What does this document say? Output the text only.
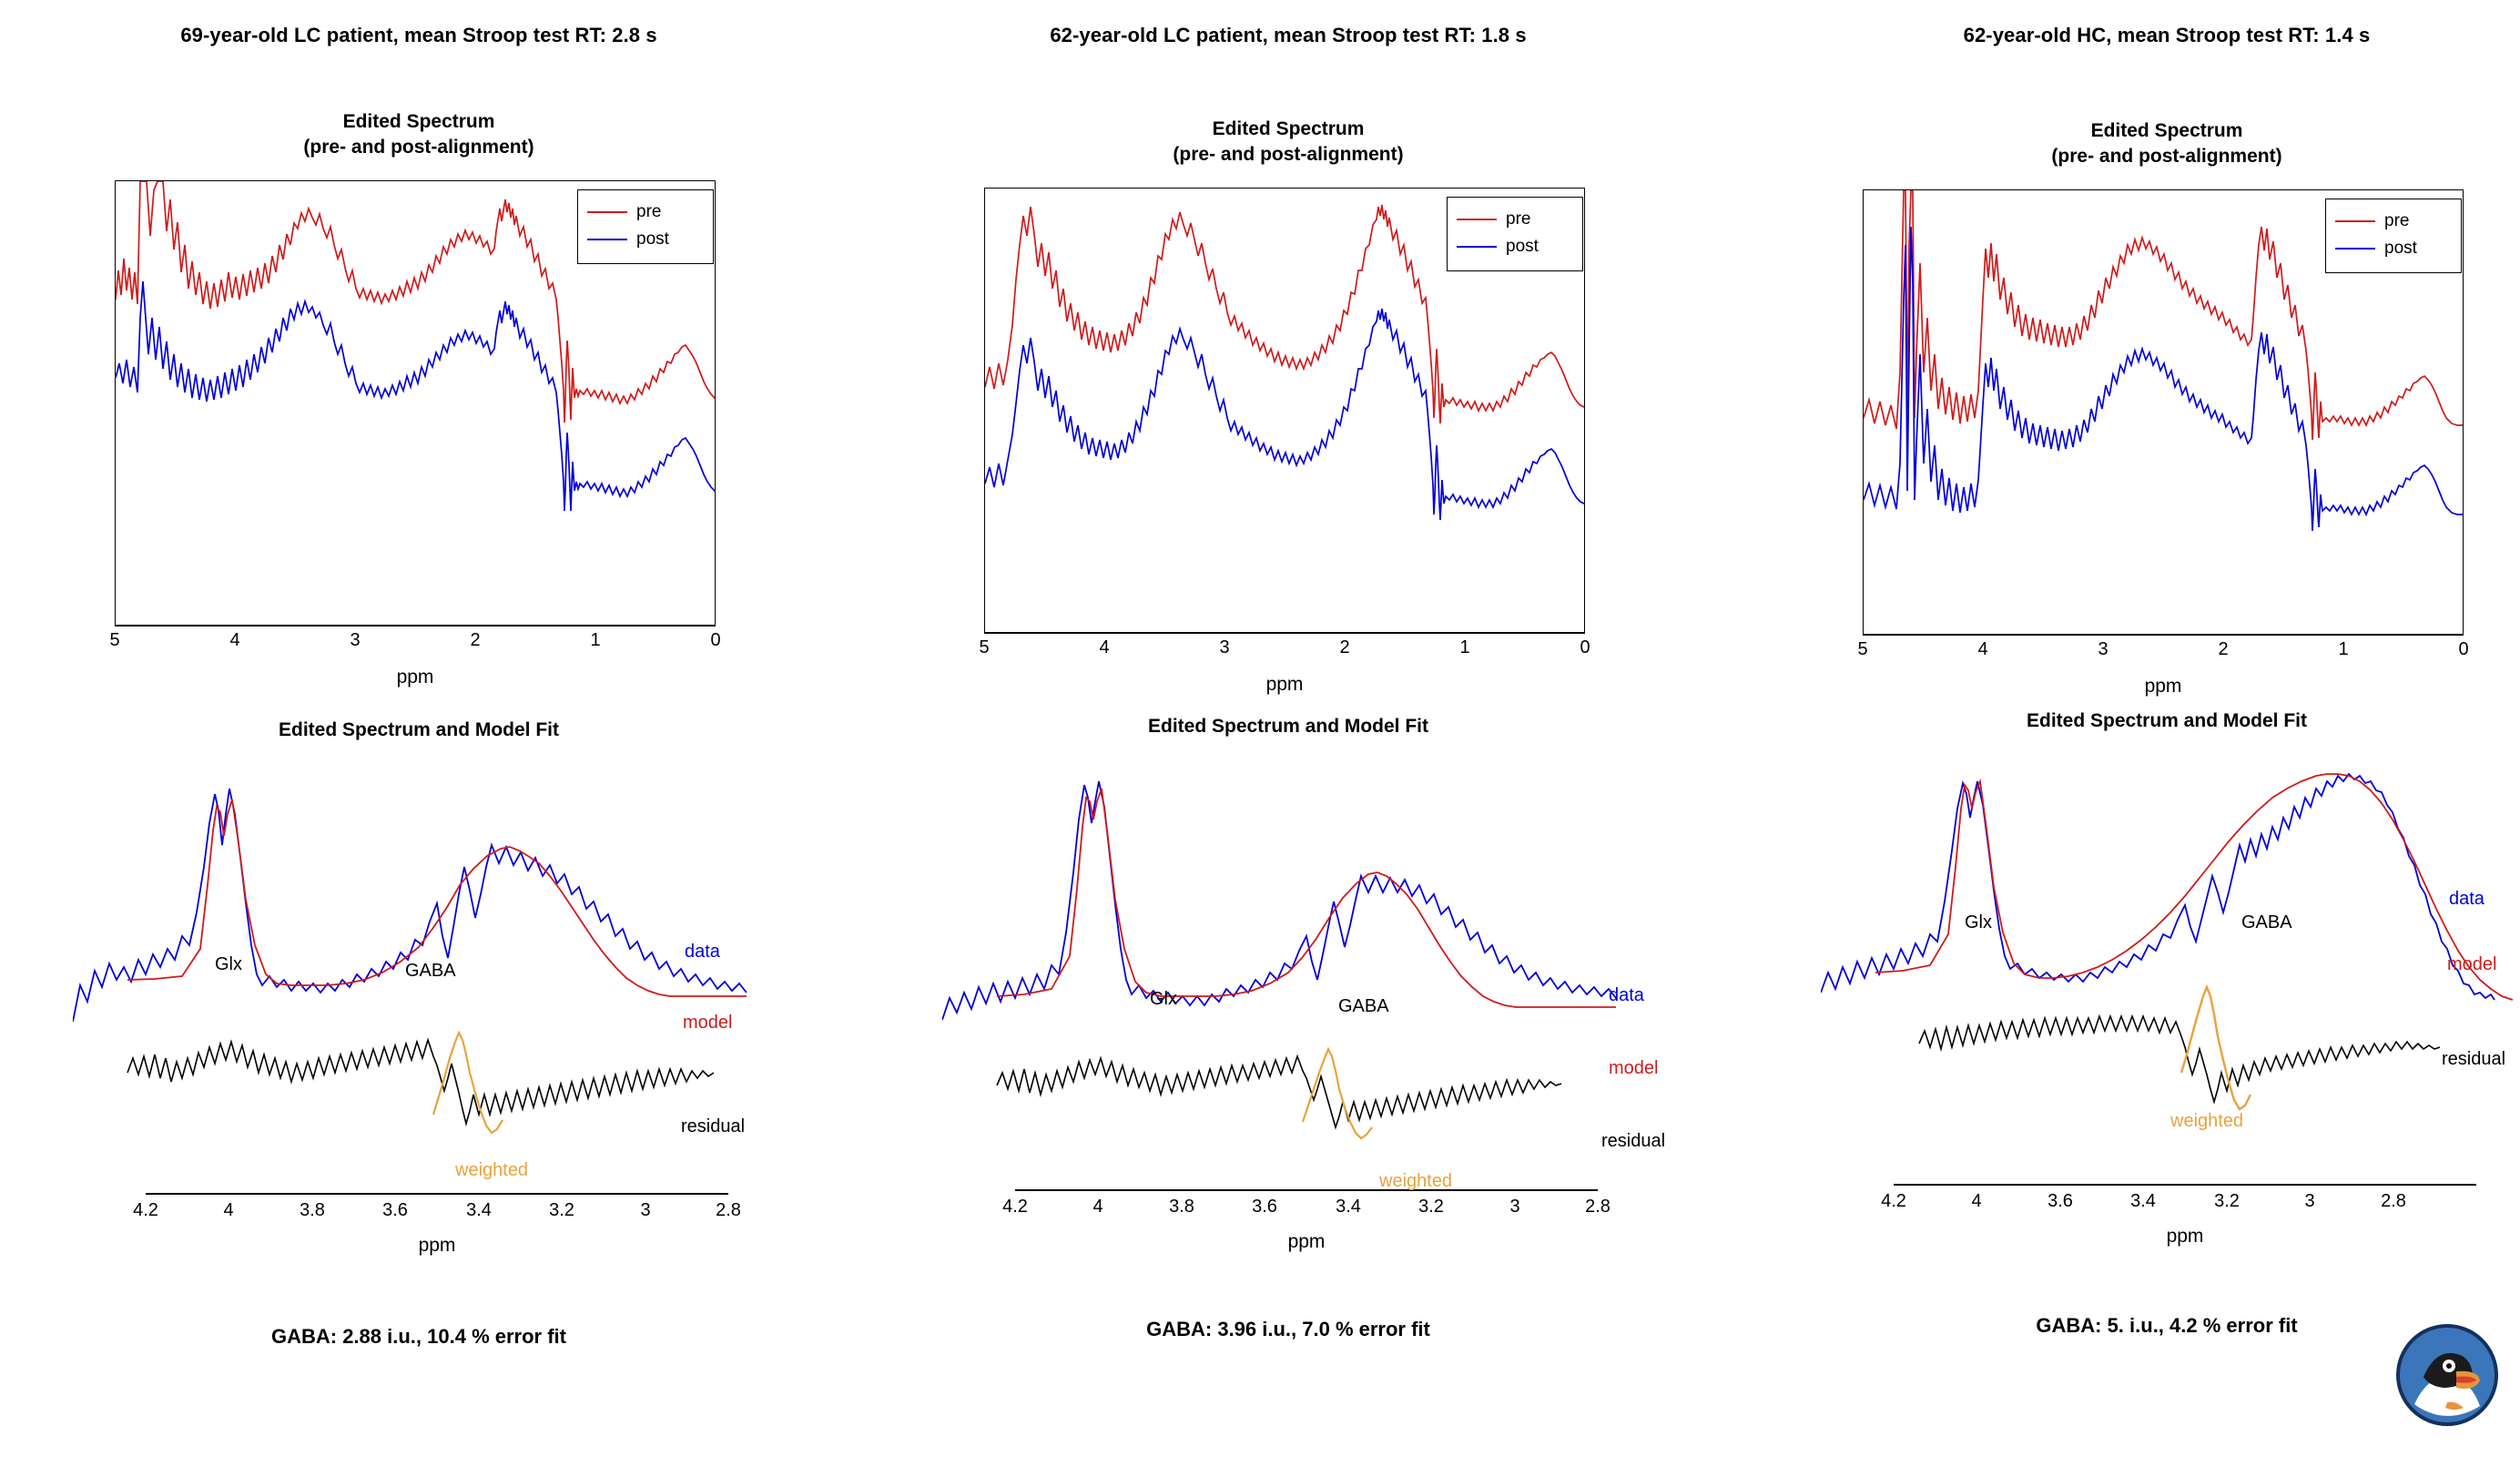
69-year-old LC patient, mean Stroop test RT: 2.8 s
Edited Spectrum
(pre- and post-alignment)
pre
post
5	4	3	2	1	0
ppm
Edited Spectrum and Model Fit
4.2	4	3.8	3.6	3.4	3.2	3	2.8
ppm
Glx	GABA
data
model
residual
weighted
GABA: 2.88 i.u., 10.4 % error fit
62-year-old LC patient, mean Stroop test RT: 1.8 s
Edited Spectrum
(pre- and post-alignment)
pre
post
5	4	3	2	1	0
ppm
Edited Spectrum and Model Fit
4.2	4	3.8	3.6	3.4	3.2	3	2.8
ppm
Glx	GABA
data
model
residual
weighted
GABA: 3.96 i.u., 7.0 % error fit
62-year-old HC, mean Stroop test RT: 1.4 s
Edited Spectrum
(pre- and post-alignment)
pre
post
5	4	3	2	1	0
ppm
Edited Spectrum and Model Fit
4.2	4	3.6	3.4	3.2	3	2.8
ppm
Glx	GABA
data
model
residual
weighted
GABA: 5. i.u., 4.2 % error fit
